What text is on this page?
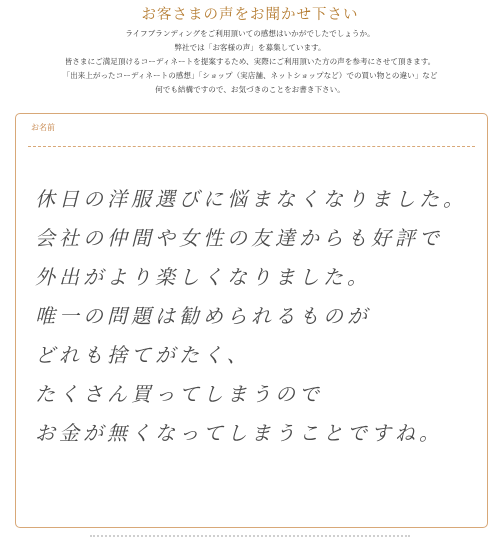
お客さまの声をお聞かせ下さい
ライフブランディングをご利用頂いての感想はいかがでしたでしょうか。
弊社では「お客様の声」を募集しています。
皆さまにご満足頂けるコーディネートを提案するため、実際にご利用頂いた方の声を参考にさせて頂きます。
「出来上がったコーディネートの感想」「ショップ（実店舗、ネットショップなど）での買い物との違い」など
何でも結構ですので、お気づきのことをお書き下さい。
お名前
休日の洋服選びに悩まなくなりました。
会社の仲間や女性の友達からも好評で
外出がより楽しくなりました。
唯一の問題は勧められるものが
どれも捨てがたく、
たくさん買ってしまうので
お金が無くなってしまうことですね。
